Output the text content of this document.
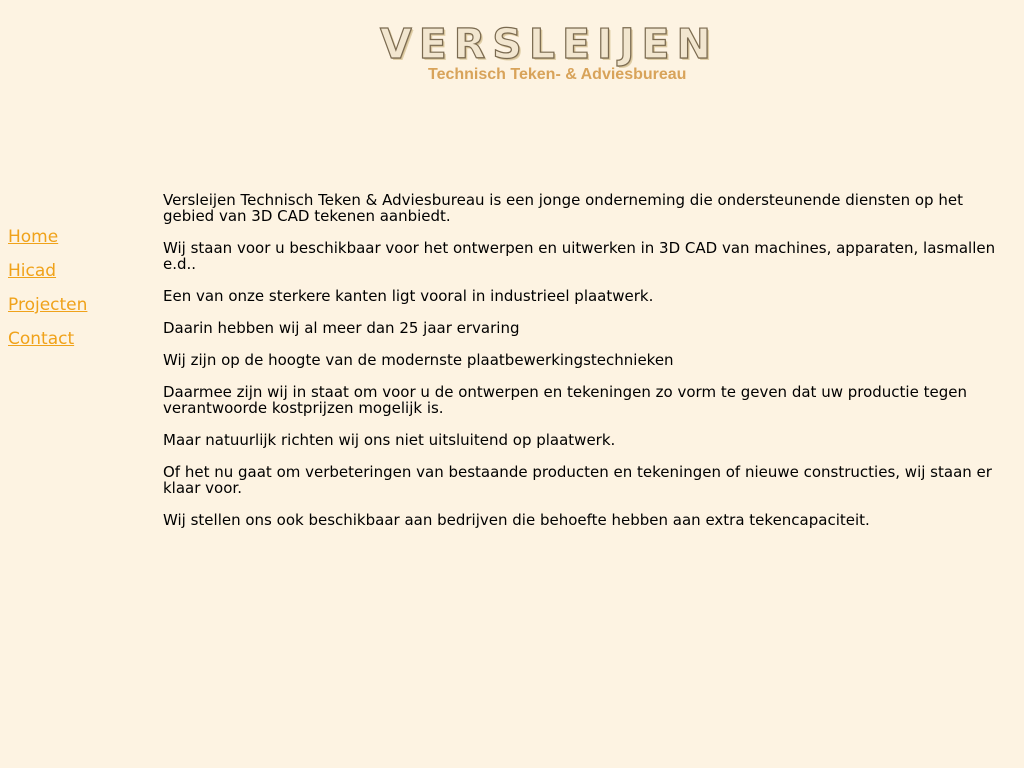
VERSLEIJEN
Technisch Teken- & Adviesbureau
Home
Hicad
Projecten
Contact

Versleijen Technisch Teken & Adviesbureau is een jonge onderneming die ondersteunende diensten op het gebied van 3D CAD tekenen aanbiedt.

Wij staan voor u beschikbaar voor het ontwerpen en uitwerken in 3D CAD van machines, apparaten, lasmallen e.d..

Een van onze sterkere kanten ligt vooral in industrieel plaatwerk.

Daarin hebben wij al meer dan 25 jaar ervaring

Wij zijn op de hoogte van de modernste plaatbewerkingstechnieken

Daarmee zijn wij in staat om voor u de ontwerpen en tekeningen zo vorm te geven dat uw productie tegen verantwoorde kostprijzen mogelijk is.

Maar natuurlijk richten wij ons niet uitsluitend op plaatwerk.

Of het nu gaat om verbeteringen van bestaande producten en tekeningen of nieuwe constructies, wij staan er klaar voor.

Wij stellen ons ook beschikbaar aan bedrijven die behoefte hebben aan extra tekencapaciteit.
